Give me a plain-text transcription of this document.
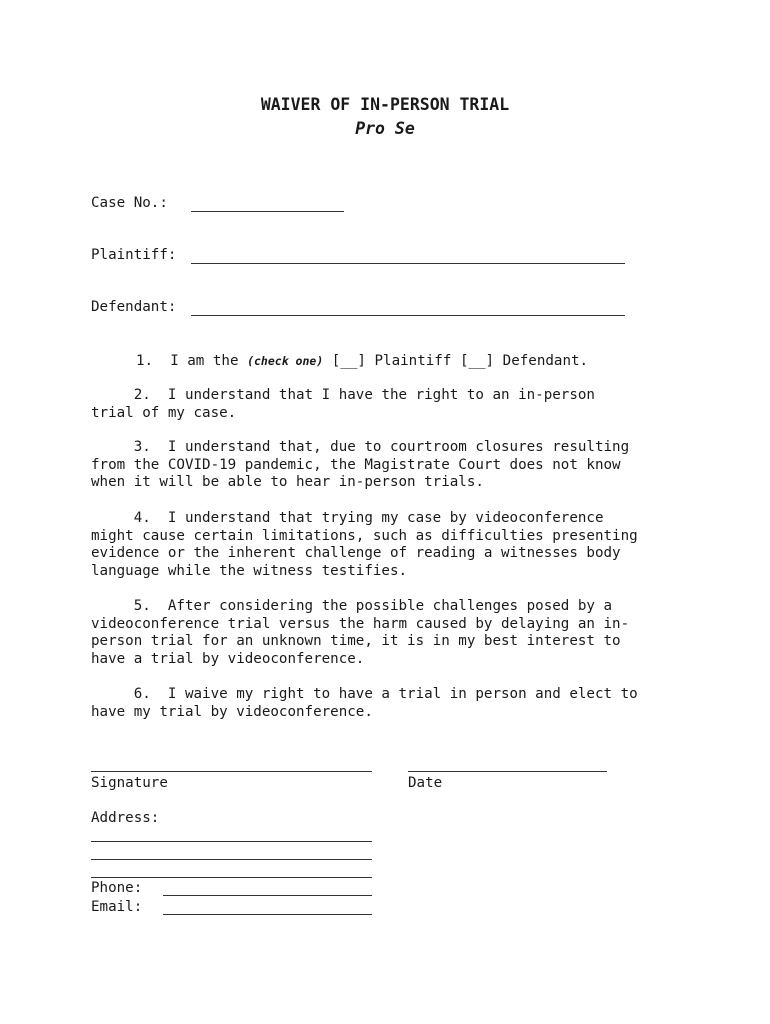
WAIVER OF IN-PERSON TRIAL
Pro Se
Case No.:
Plaintiff:
Defendant:
1. I am the (check one) [__] Plaintiff [__] Defendant.
2.  I understand that I have the right to an in-person
trial of my case.
3.  I understand that, due to courtroom closures resulting
from the COVID-19 pandemic, the Magistrate Court does not know
when it will be able to hear in-person trials.
4.  I understand that trying my case by videoconference
might cause certain limitations, such as difficulties presenting
evidence or the inherent challenge of reading a witnesses body
language while the witness testifies.
5.  After considering the possible challenges posed by a
videoconference trial versus the harm caused by delaying an in-
person trial for an unknown time, it is in my best interest to
have a trial by videoconference.
6.  I waive my right to have a trial in person and elect to
have my trial by videoconference.
Signature	Date
Address:
Phone:
Email:
